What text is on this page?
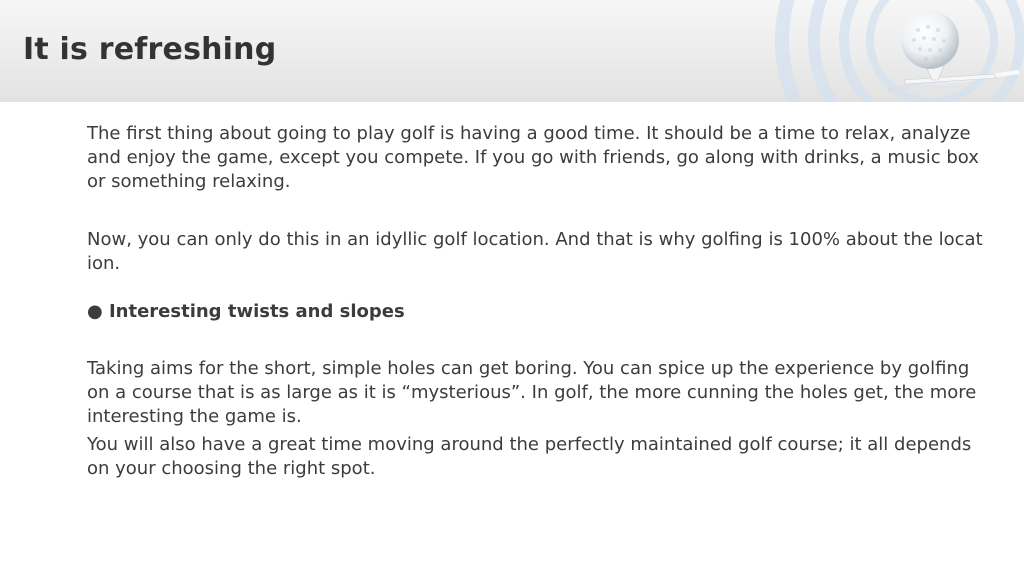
It is refreshing

The first thing about going to play golf is having a good time. It should be a time to relax, analyze and enjoy the game, except you compete. If you go with friends, go along with drinks, a music box or something relaxing.

Now, you can only do this in an idyllic golf location. And that is why golfing is 100% about the location.

● Interesting twists and slopes

Taking aims for the short, simple holes can get boring. You can spice up the experience by golfing on a course that is as large as it is “mysterious”. In golf, the more cunning the holes get, the more interesting the game is.

You will also have a great time moving around the perfectly maintained golf course; it all depends on your choosing the right spot.
